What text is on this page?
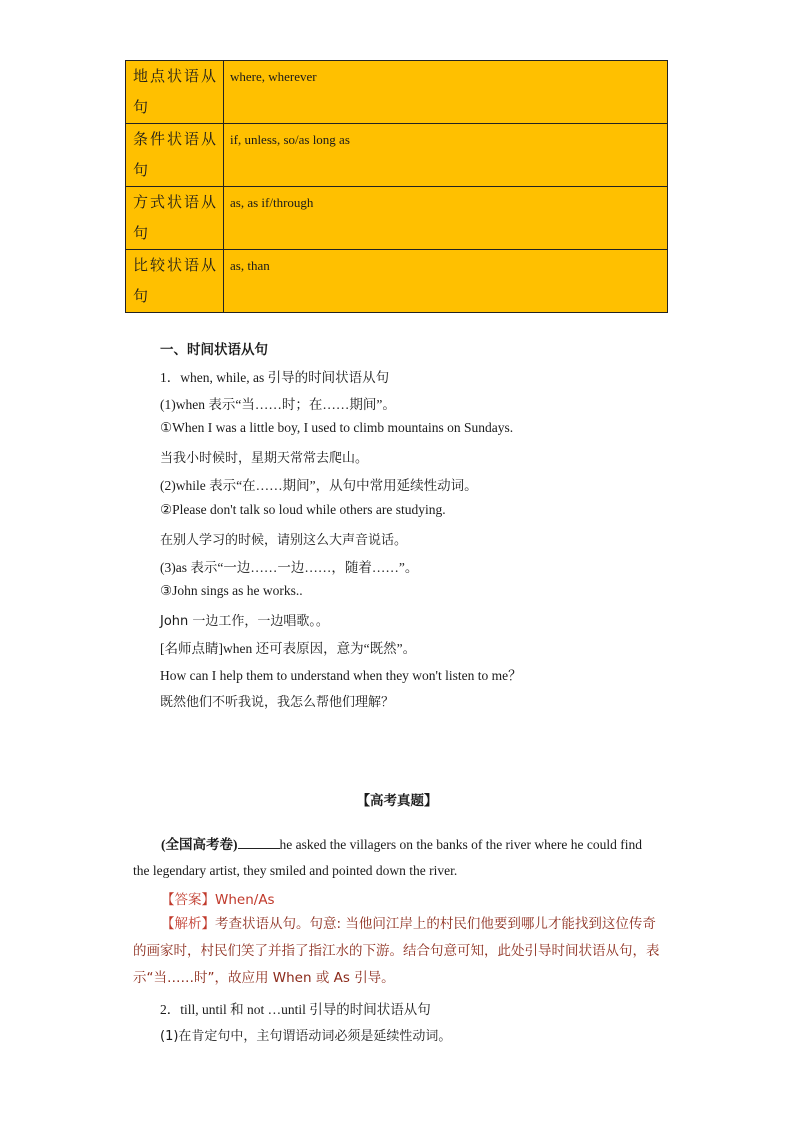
地点状语从句	where, wherever
条件状语从句	if, unless, so/as long as
方式状语从句	as, as if/through
比较状语从句	as, than
一、时间状语从句
1．when, while, as 引导的时间状语从句
(1)when 表示“当……时；在……期间”。
①When I was a little boy, I used to climb mountains on Sundays.
当我小时候时，星期天常常去爬山。
(2)while 表示“在……期间”，从句中常用延续性动词。
②Please don't talk so loud while others are studying.
在别人学习的时候，请别这么大声音说话。
(3)as 表示“一边……一边……，随着……”。
③John sings as he works..
John 一边工作，一边唱歌。。
[名师点睛]when 还可表原因，意为“既然”。
How can I help them to understand when they won't listen to me？
既然他们不听我说，我怎么帮他们理解？
【高考真题】
(全国高考卷)	he asked the villagers on the banks of the river where he could find
the legendary artist, they smiled and pointed down the river.
【答案】When/As
【解析】考查状语从句。句意: 当他问江岸上的村民们他要到哪儿才能找到这位传奇的画家时，村民们笑了并指了指江水的下游。结合句意可知，此处引导时间状语从句，表示“当……时”，故应用 When 或 As 引导。
2．till, until 和 not …until 引导的时间状语从句
(1)在肯定句中，主句谓语动词必须是延续性动词。
